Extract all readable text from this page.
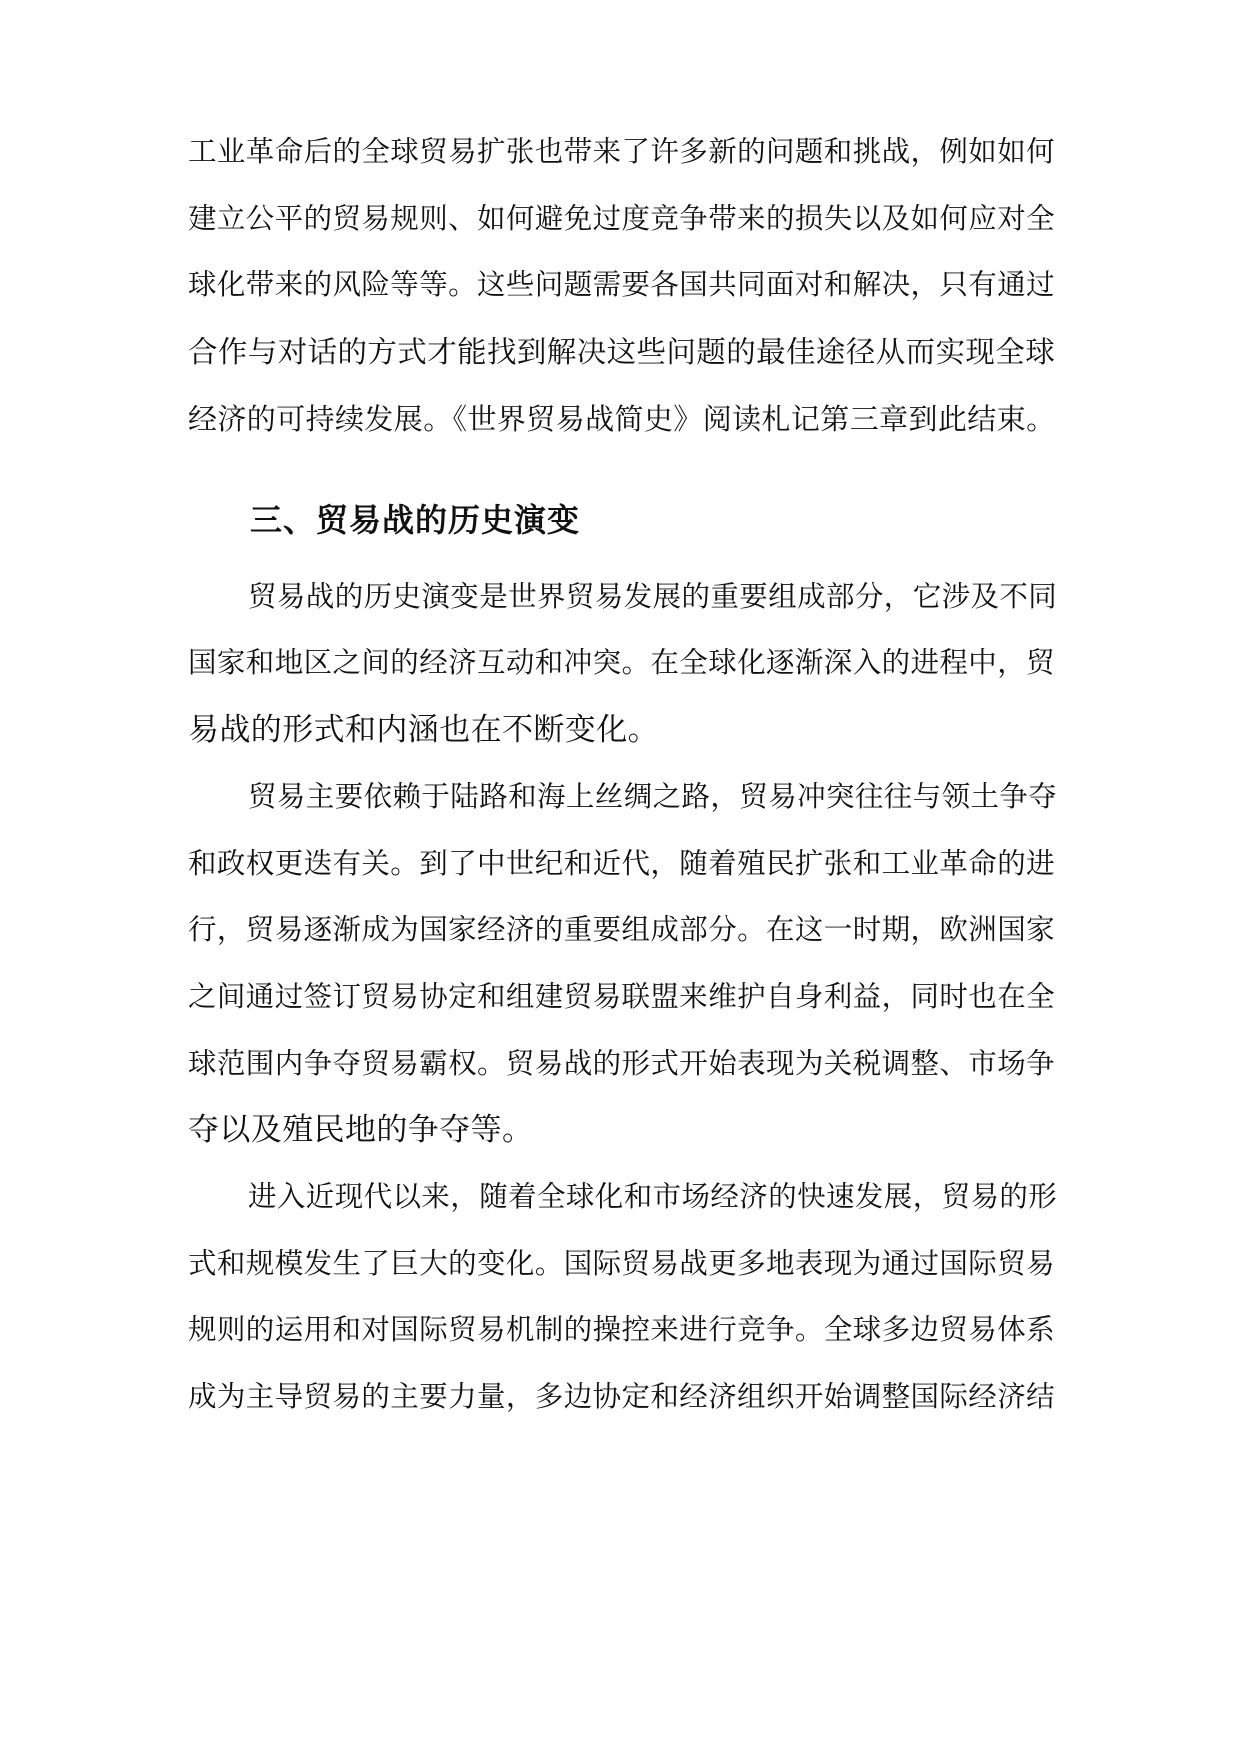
工业革命后的全球贸易扩张也带来了许多新的问题和挑战，例如如何
建立公平的贸易规则、如何避免过度竞争带来的损失以及如何应对全
球化带来的风险等等。这些问题需要各国共同面对和解决，只有通过
合作与对话的方式才能找到解决这些问题的最佳途径从而实现全球
经济的可持续发展。《世界贸易战简史》阅读札记第三章到此结束。
三、贸易战的历史演变
贸易战的历史演变是世界贸易发展的重要组成部分，它涉及不同
国家和地区之间的经济互动和冲突。在全球化逐渐深入的进程中，贸
易战的形式和内涵也在不断变化。
贸易主要依赖于陆路和海上丝绸之路，贸易冲突往往与领土争夺
和政权更迭有关。到了中世纪和近代，随着殖民扩张和工业革命的进
行，贸易逐渐成为国家经济的重要组成部分。在这一时期，欧洲国家
之间通过签订贸易协定和组建贸易联盟来维护自身利益，同时也在全
球范围内争夺贸易霸权。贸易战的形式开始表现为关税调整、市场争
夺以及殖民地的争夺等。
进入近现代以来，随着全球化和市场经济的快速发展，贸易的形
式和规模发生了巨大的变化。国际贸易战更多地表现为通过国际贸易
规则的运用和对国际贸易机制的操控来进行竞争。全球多边贸易体系
成为主导贸易的主要力量，多边协定和经济组织开始调整国际经济结
